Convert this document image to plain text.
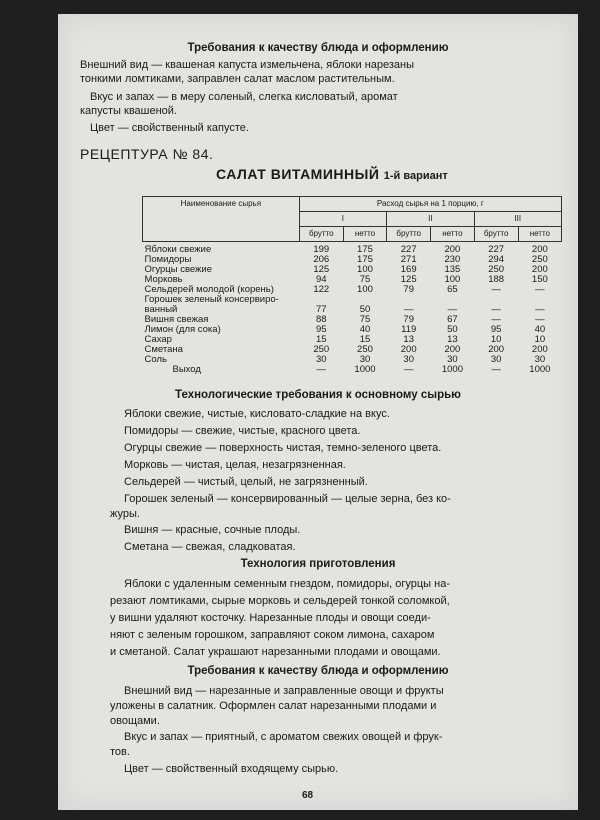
Требования к качеству блюда и оформлению
Внешний вид — квашеная капуста измельчена, яблоки нарезаны
тонкими ломтиками, заправлен салат маслом растительным.
Вкус и запах — в меру соленый, слегка кисловатый, аромат
капусты квашеной.
Цвет — свойственный капусте.
РЕЦЕПТУРА № 84.
САЛАТ ВИТАМИННЫЙ 1-й вариант
Наименование сырья	Расход сырья на 1 порцию, г					
	I		II		III	
	брутто	нетто	брутто	нетто	брутто	нетто
Яблоки свежие	199	175	227	200	227	200
Помидоры	206	175	271	230	294	250
Огурцы свежие	125	100	169	135	250	200
Морковь	94	75	125	100	188	150
Сельдерей молодой (корень)	122	100	79	65	—	—
Горошек зеленый консервиро-						
ванный	77	50	—	—	—	—
Вишня свежая	88	75	79	67	—	—
Лимон (для сока)	95	40	119	50	95	40
Сахар	15	15	13	13	10	10
Сметана	250	250	200	200	200	200
Соль	30	30	30	30	30	30
Выход	—	1000	—	1000	—	1000
Технологические требования к основному сырью
Яблоки свежие, чистые, кисловато-сладкие на вкус.
Помидоры — свежие, чистые, красного цвета.
Огурцы свежие — поверхность чистая, темно-зеленого цвета.
Морковь — чистая, целая, незагрязненная.
Сельдерей — чистый, целый, не загрязненный.
Горошек зеленый — консервированный — целые зерна, без ко-
журы.
Вишня — красные, сочные плоды.
Сметана — свежая, сладковатая.
Технология приготовления
Яблоки с удаленным семенным гнездом, помидоры, огурцы на-
резают ломтиками, сырые морковь и сельдерей тонкой соломкой,
у вишни удаляют косточку. Нарезанные плоды и овощи соеди-
няют с зеленым горошком, заправляют соком лимона, сахаром
и сметаной. Салат украшают нарезанными плодами и овощами.
Требования к качеству блюда и оформлению
Внешний вид — нарезанные и заправленные овощи и фрукты
уложены в салатник. Оформлен салат нарезанными плодами и
овощами.
Вкус и запах — приятный, с ароматом свежих овощей и фрук-
тов.
Цвет — свойственный входящему сырью.
68
